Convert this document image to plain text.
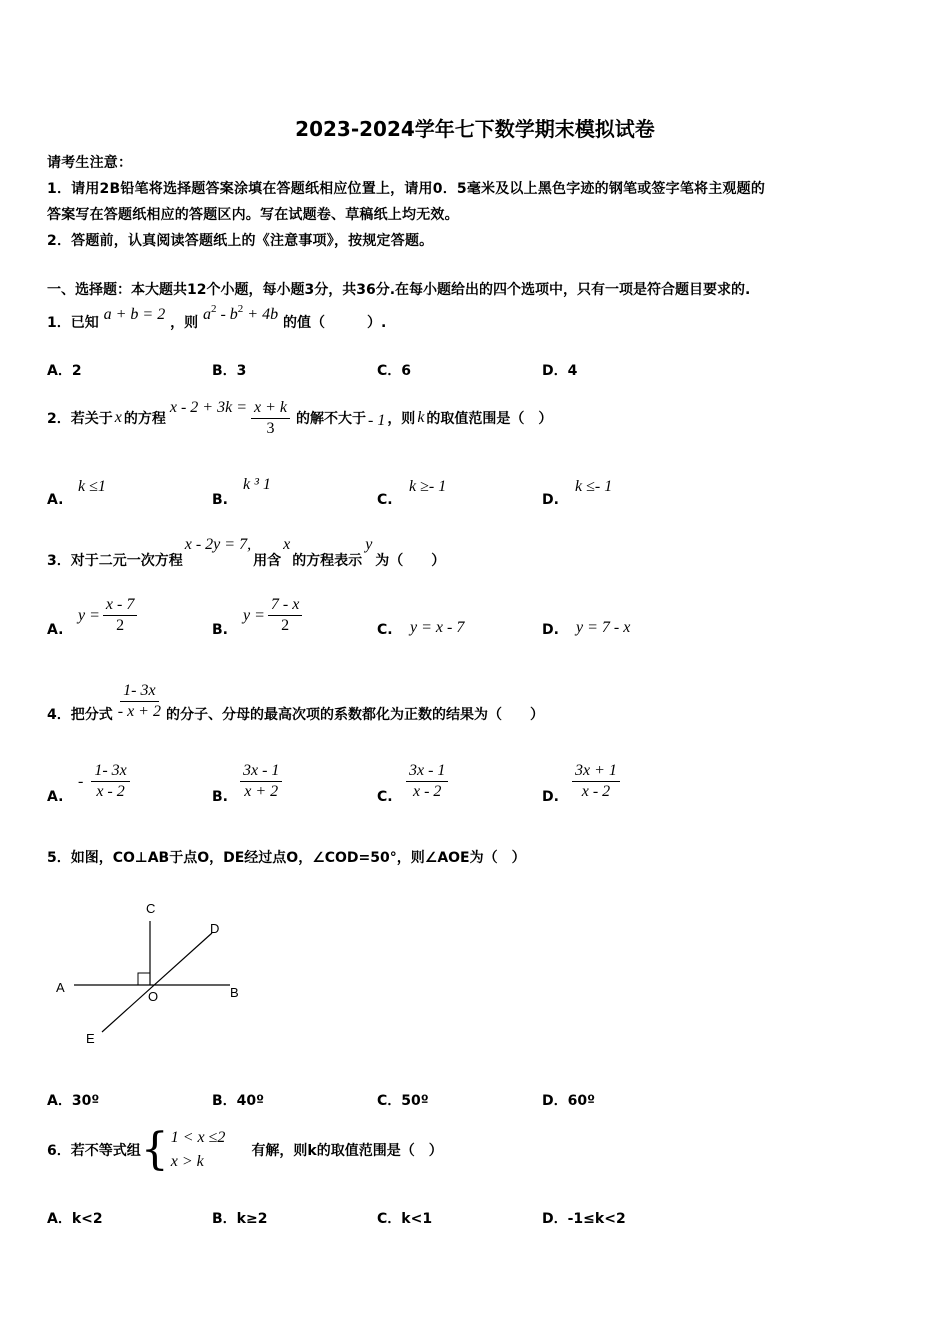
2023-2024学年七下数学期末模拟试卷
请考生注意：
1．请用2B铅笔将选择题答案涂填在答题纸相应位置上，请用0．5毫米及以上黑色字迹的钢笔或签字笔将主观题的
答案写在答题纸相应的答题区内。写在试题卷、草稿纸上均无效。
2．答题前，认真阅读答题纸上的《注意事项》，按规定答题。
一、选择题：本大题共12个小题，每小题3分，共36分.在每小题给出的四个选项中，只有一项是符合题目要求的.
1．已知 a + b = 2 ，则 $a^2 - b^2 + 4b$ 的值（　　　）.
A．2	B．3	C．6	D．4
2．若关于 x 的方程
$x - 2 + 3k = \frac{x + k}{3}$ 的解不大于 - 1 ，则 k 的取值范围是（　）
A.
k ≤1
B.
k ³ 1
C.
k ≥- 1
D.
k ≤- 1
3．对于二元一次方程
x - 2y = 7,
用含
x
的方程表示
y
为（　　）
A.
$y = \frac{x - 7}{2}$	B.
$y = \frac{7 - x}{2}$	C. y = x - 7	D. y = 7 - x
4．把分式 $\frac{1- 3x}{- x + 2}$ 的分子、分母的最高次项的系数都化为正数的结果为（　　）
A.
- $\frac{1- 3x}{x - 2}$	B. $\frac{3x - 1}{x + 2}$	C. $\frac{3x - 1}{x - 2}$	D. $\frac{3x + 1}{x - 2}$
5．如图，CO⊥AB于点O，DE经过点O，∠COD=50°，则∠AOE为（　）
C
D
A
O	B
E
A．30º	B．40º	C．50º	D．60º
6．若不等式组 { 1 < x ≤2
x > k
有解，则k的取值范围是（　）
A．k<2	B．k≥2	C．k<1	D．-1≤k<2
